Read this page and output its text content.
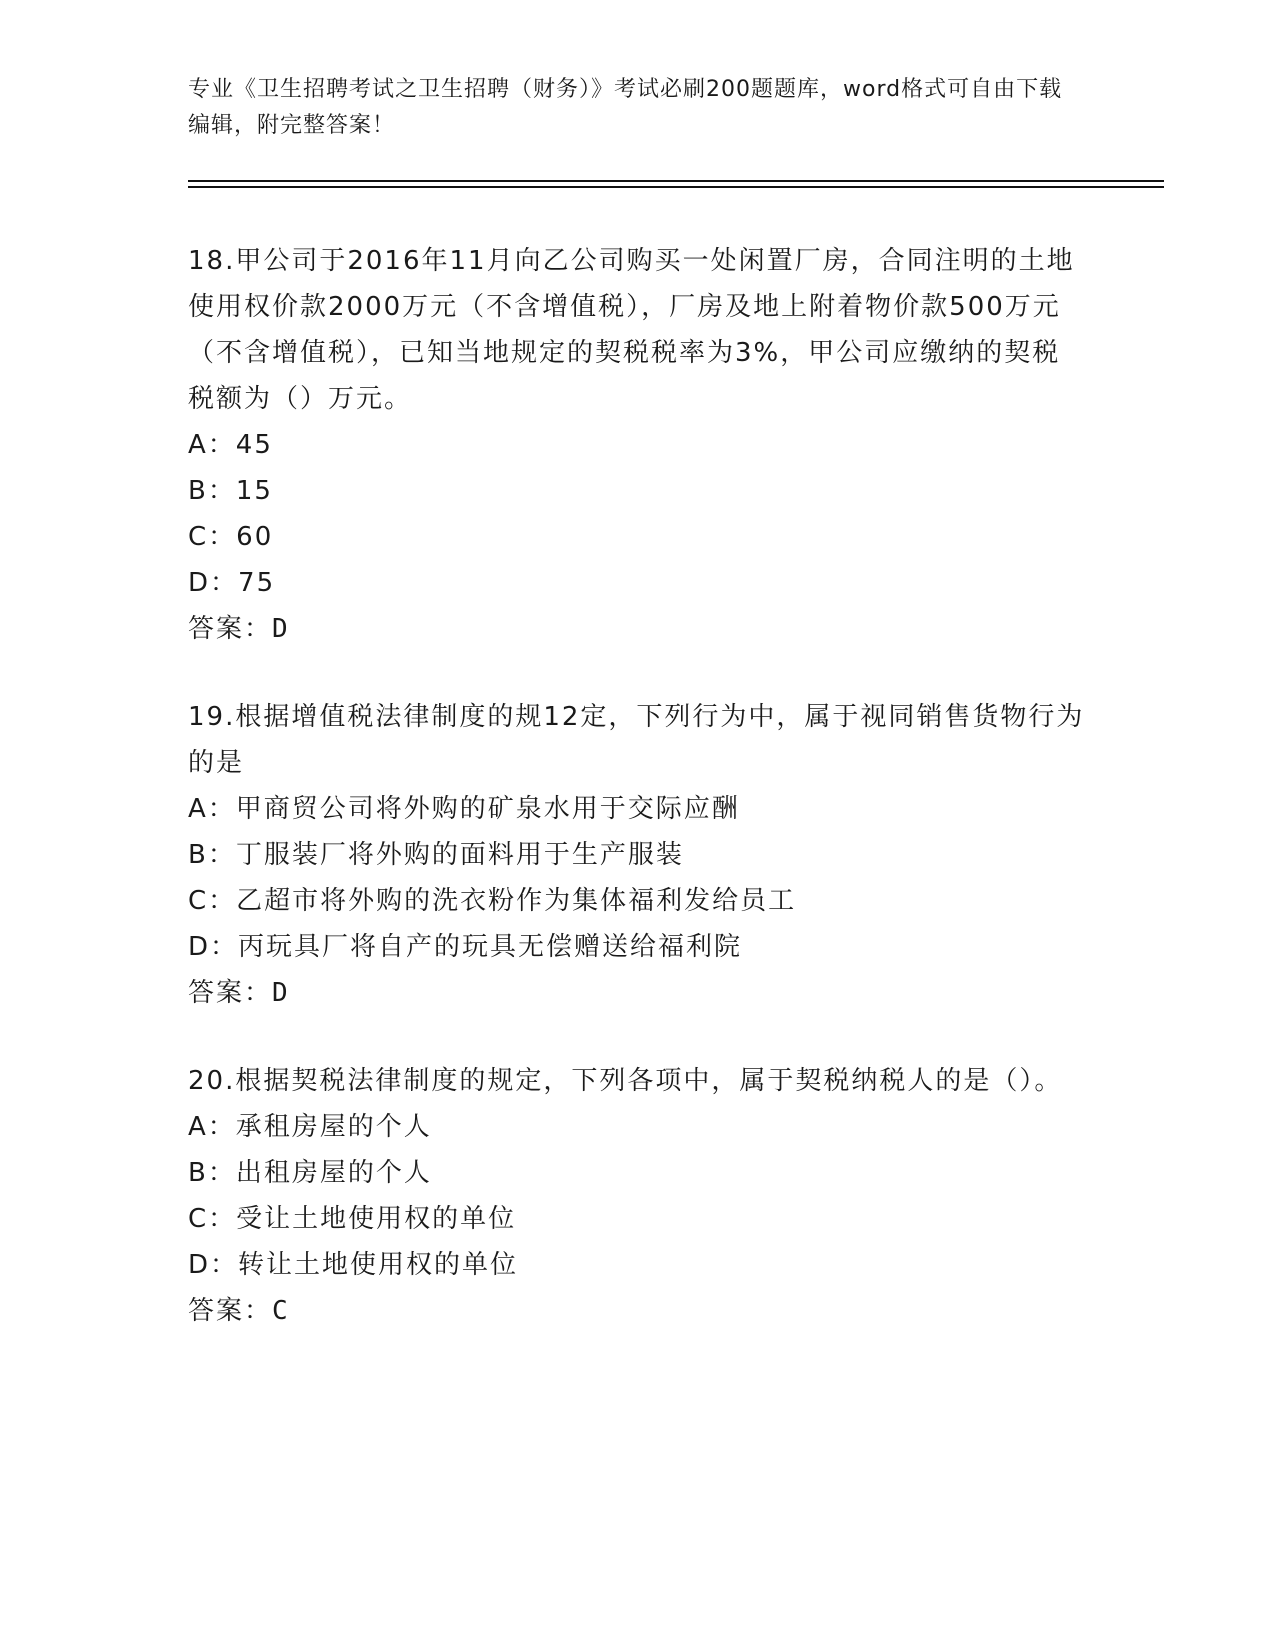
专业《卫生招聘考试之卫生招聘（财务）》考试必刷200题题库，word格式可自由下载编辑，附完整答案！

18.甲公司于2016年11月向乙公司购买一处闲置厂房，合同注明的土地使用权价款2000万元（不含增值税），厂房及地上附着物价款500万元（不含增值税），已知当地规定的契税税率为3%，甲公司应缴纳的契税税额为（）万元。

A：45

B：15

C：60

D：75

答案：D

19.根据增值税法律制度的规12定，下列行为中，属于视同销售货物行为的是

A：甲商贸公司将外购的矿泉水用于交际应酬

B：丁服装厂将外购的面料用于生产服装

C：乙超市将外购的洗衣粉作为集体福利发给员工

D：丙玩具厂将自产的玩具无偿赠送给福利院

答案：D

20.根据契税法律制度的规定，下列各项中，属于契税纳税人的是（）。

A：承租房屋的个人

B：出租房屋的个人

C：受让土地使用权的单位

D：转让土地使用权的单位

答案：C
